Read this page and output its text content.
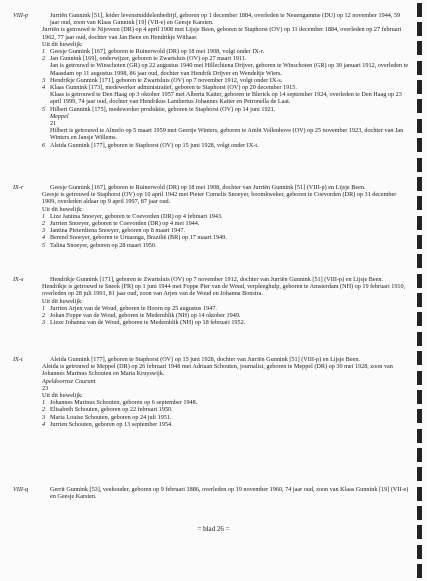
VIII-p	Jurriën Gunnink [51], leider levensmiddelenbedrijf, geboren op 1 december 1884, overleden te Neuengamme (DU) op 12 november 1944, 59 jaar oud, zoon van Klaas Gunnink [19] (VII-e) en Geesje Karsten.

Jurriën is getrouwd te Nijeveen (DR) op 4 april 1908 met Lijsje Been, geboren te Staphorst (OV) op 11 december 1884, overleden op 27 februari 1962, 77 jaar oud, dochter van Jan Been en Hendrikje Withaar.

Uit dit huwelijk:

1 Geesje Gunnink [167], geboren te Ruinerwold (DR) op 18 mei 1908, volgt onder IX-r.
2 Jan Gunnink [169], onderwijzer, geboren te Zwartsluis (OV) op 27 maart 1911.
Jan is getrouwd te Winschoten (GR) op 22 augustus 1940 met Hillechiena Drijver, geboren te Winschoten (GR) op 30 januari 1912, overleden te Maasdam op 11 augustus 1998, 86 jaar oud, dochter van Hendrik Drijver en Wendeltje Wiers.
3 Hendrikje Gunnink [171], geboren te Zwartsluis (OV) op 7 november 1912, volgt onder IX-s.
4 Klaas Gunnink [173], medewerker administratief, geboren te Staphorst (OV) op 20 december 1915.
Klaas is getrouwd te Den Haag op 3 oktober 1957 met Alberta Kaiter, geboren te Blerick op 14 september 1924, overleden te Den Haag op 23 april 1999, 74 jaar oud, dochter van Hendrikus Lambertus Johannes Kaiter en Petronella de Laat.
5 Hilbert Gunnink [175], medewerker produktie, geboren te Staphorst (OV) op 14 juni 1921.
Meppel
21
Hilbert is getrouwd te Almelo op 5 maart 1959 met Geertje Winters, geboren te Ambt Vollenhove (OV) op 25 november 1923, dochter van Jan Winters en Jansje Willems.
6 Aleida Gunnink [177], geboren te Staphorst (OV) op 15 juni 1928, volgt onder IX-t.
IX-r	Geesje Gunnink [167], geboren te Ruinerwold (DR) op 18 mei 1908, dochter van Jurriën Gunnink [51] (VIII-p) en Lijsje Been.

Geesje is getrouwd te Staphorst (OV) op 10 april 1942 met Pieter Cornelis Snoeyer, boomkweker, geboren te Coevorden (DR) op 31 december 1909, overleden aldaar op 9 april 1997, 87 jaar oud.

Uit dit huwelijk:

1 Lize Jantina Snoeyer, geboren te Coevorden (DR) op 4 februari 1943.
2 Jurrien Snoeyer, geboren te Coevorden (DR) op 4 mei 1944.
3 Jantina Pieterdiena Snoeyer, geboren op 8 maart 1947.
4 Berend Snoeyer, geboren te Uruasnga, Brazilië (BR) op 17 maart 1949.
5 Talina Snoeyer, geboren op 28 maart 1950.
IX-s	Hendrikje Gunnink [171], geboren te Zwartsluis (OV) op 7 november 1912, dochter van Jurriën Gunnink [51] (VIII-p) en Lijsje Been.

Hendrikje is getrouwd te Sneek (FR) op 1 juni 1944 met Foppe Pier van de Woud, verpleeghulp, geboren te Amsterdam (NH) op 19 februari 1910, overleden op 28 juli 1991, 81 jaar oud, zoon van Arjen van de Woud en Johanna Bonstra.

Uit dit huwelijk:

1 Jurrien Arjen van de Woud, geboren te Hoorn op 25 augustus 1947.
2 Johan Foppe van de Woud, geboren te Medemblik (NH) op 14 oktober 1949.
3 Lieze Johanna van de Woud, geboren te Medemblik (NH) op 18 februari 1952.
IX-t	Aleida Gunnink [177], geboren te Staphorst (OV) op 15 juni 1928, dochter van Jurriën Gunnink [51] (VIII-p) en Lijsje Been.

Aleida is getrouwd te Meppel (DR) op 26 februari 1948 met Adriaan Schouten, journalist, geboren te Meppel (DR) op 30 mei 1928, zoon van Johannes Marinus Schouten en Maria Kruyswijk.

Apeldoornse Courant

23

Uit dit huwelijk:

1 Johannes Marinus Schouten, geboren op 6 september 1948.
2 Elisabeth Schouten, geboren op 22 februari 1950.
3 Maria Louise Schouten, geboren op 24 juli 1951.
4 Jurrien Schouten, geboren op 13 september 1954.
VIII-q	Gerrit Gunnink [53], veehouder, geboren op 9 februari 1886, overleden op 19 november 1960, 74 jaar oud, zoon van Klaas Gunnink [19] (VII-e) en Geesje Karsten.

= blad 26 =
